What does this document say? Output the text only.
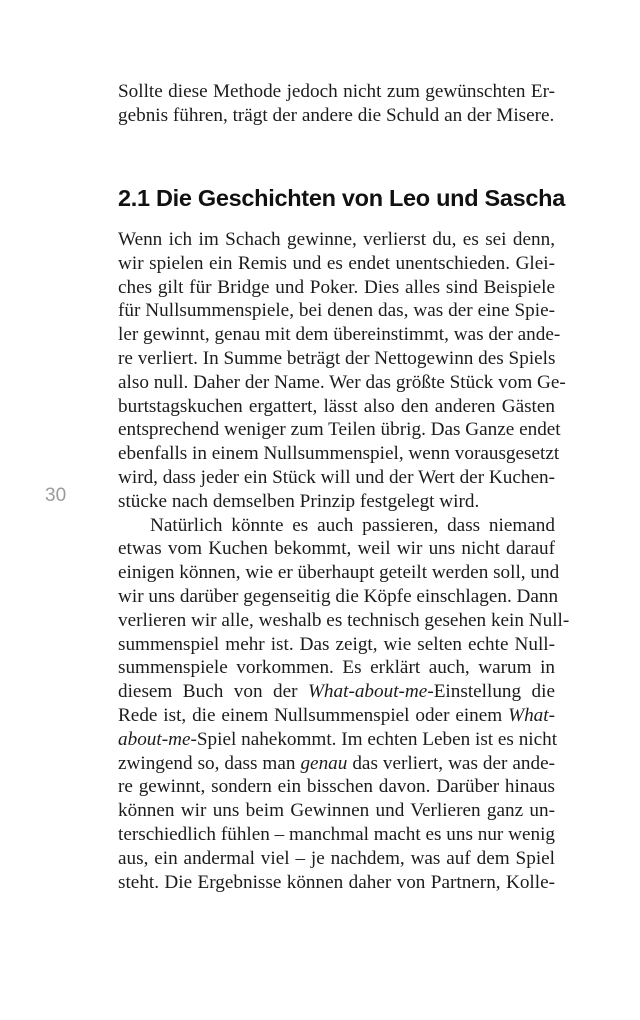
Sollte diese Methode jedoch nicht zum gewünschten Er-
gebnis führen, trägt der andere die Schuld an der Misere.
2.1 Die Geschichten von Leo und Sascha
Wenn ich im Schach gewinne, verlierst du, es sei denn,
wir spielen ein Remis und es endet unentschieden. Glei-
ches gilt für Bridge und Poker. Dies alles sind Beispiele
für Nullsummenspiele, bei denen das, was der eine Spie-
ler gewinnt, genau mit dem übereinstimmt, was der ande-
re verliert. In Summe beträgt der Nettogewinn des Spiels
also null. Daher der Name. Wer das größte Stück vom Ge-
burtstagskuchen ergattert, lässt also den anderen Gästen
entsprechend weniger zum Teilen übrig. Das Ganze endet
ebenfalls in einem Nullsummenspiel, wenn vorausgesetzt
wird, dass jeder ein Stück will und der Wert der Kuchen-
stücke nach demselben Prinzip festgelegt wird.
Natürlich könnte es auch passieren, dass niemand
etwas vom Kuchen bekommt, weil wir uns nicht darauf
einigen können, wie er überhaupt geteilt werden soll, und
wir uns darüber gegenseitig die Köpfe einschlagen. Dann
verlieren wir alle, weshalb es technisch gesehen kein Null-
summenspiel mehr ist. Das zeigt, wie selten echte Null-
summenspiele vorkommen. Es erklärt auch, warum in
diesem Buch von der What-about-me-Einstellung die
Rede ist, die einem Nullsummenspiel oder einem What-
about-me-Spiel nahekommt. Im echten Leben ist es nicht
zwingend so, dass man genau das verliert, was der ande-
re gewinnt, sondern ein bisschen davon. Darüber hinaus
können wir uns beim Gewinnen und Verlieren ganz un-
terschiedlich fühlen – manchmal macht es uns nur wenig
aus, ein andermal viel – je nachdem, was auf dem Spiel
steht. Die Ergebnisse können daher von Partnern, Kolle-
30
